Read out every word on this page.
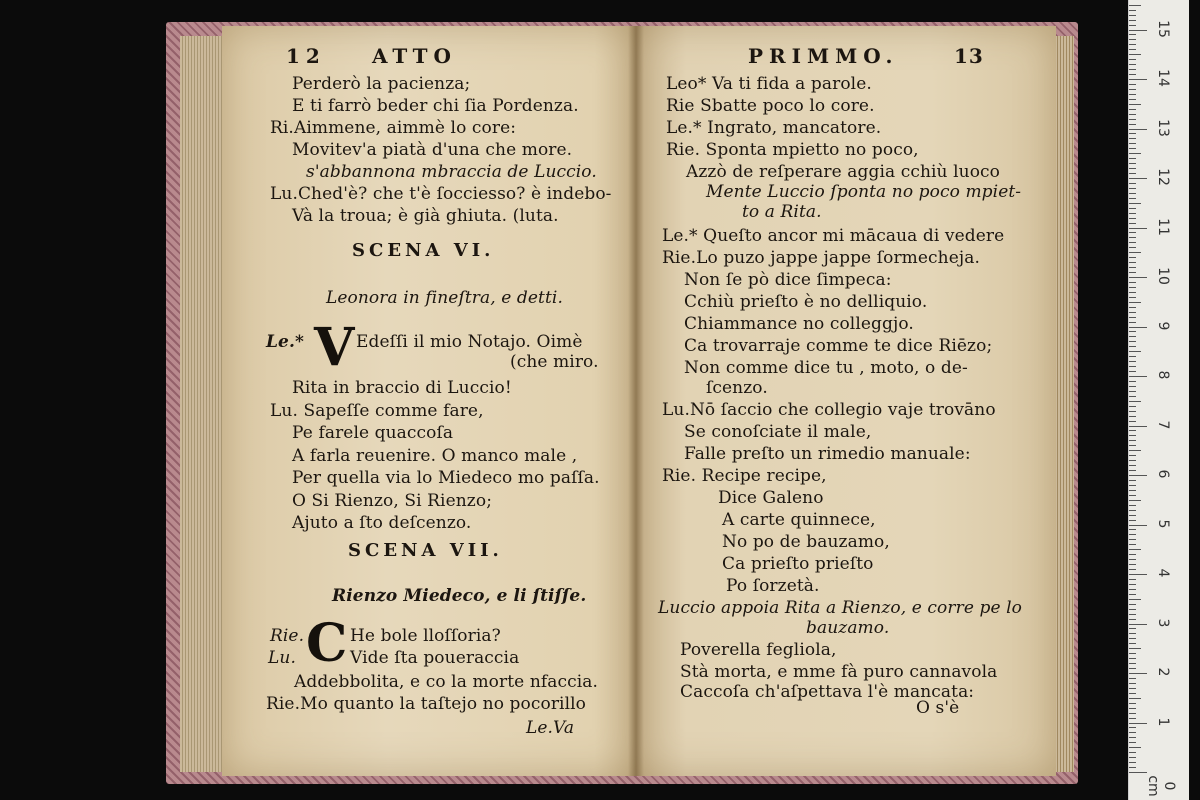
12 ATTO
Perderò la pacienza;
E ti farrò beder chi ſia Pordenza.
Ri.Aimmene, aimmè lo core:
Movitev'a piatà d'una che more.
s'abbannona mbraccia de Luccio.
Lu.Ched'è? che t'è ſocciesso? è indebo-
Và la troua; è già ghiuta. (luta.
SCENA VI.
Leonora in fineſtra, e detti.
Le.* V Edeſſi il mio Notajo. Oimè
(che miro.
Rita in braccio di Luccio!
Lu. Sapeſſe comme fare,
Pe farele quaccoſa
A farla reuenire. O manco male ,
Per quella via lo Miedeco mo paſſa.
O Si Rienzo, Si Rienzo;
Ajuto a ſto deſcenzo.
SCENA VII.
Rienzo Miedeco, e li ſtiſſe.
Rie. C He bole lloſſoria?
Lu.	Vide ſta poueraccia
Addebbolita, e co la morte nfaccia.
Rie.Mo quanto la taſtejo no pocorillo
Le.Va
PRIMMO.	13
Leo* Va ti fida a parole.
Rie Sbatte poco lo core.
Le.* Ingrato, mancatore.
Rie. Sponta mpietto no poco,
Azzò de reſperare aggia cchiù luoco
Mente Luccio ſponta no poco mpiet-
to a Rita.
Le.* Queſto ancor mi mācaua di vedere
Rie.Lo puzo jappe jappe ſormecheja.
Non ſe pò dice ſimpeca:
Cchiù prieſto è no delliquio.
Chiammance no colleggjo.
Ca trovarraje comme te dice Riēzo;
Non comme dice tu , moto, o de-
ſcenzo.
Lu.Nō ſaccio che collegio vaje trovāno
Se conoſciate il male,
Falle preſto un rimedio manuale:
Rie. Recipe recipe,
Dice Galeno
A carte quinnece,
No po de bauzamo,
Ca prieſto prieſto
Po ſorzetà.
Luccio appoia Rita a Rienzo, e corre pe lo
bauzamo.
Poverella fegliola,
Stà morta, e mme fà puro cannavola
Caccoſa ch'aſpettava l'è mancata:
O s'è
1
2
3
4
5
6
7
8
9
10
11
12
13
14
15
0 cm
